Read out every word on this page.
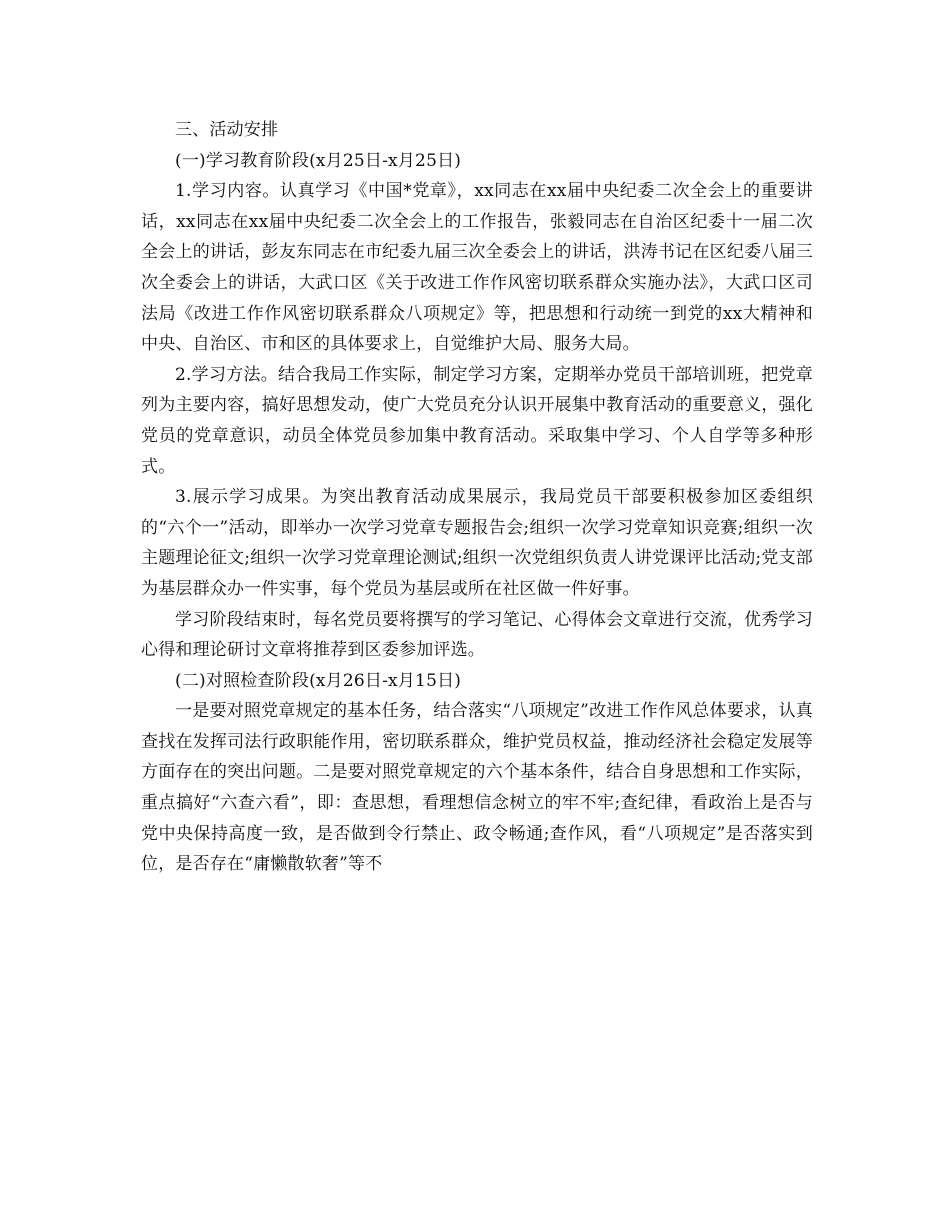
三、活动安排

(一)学习教育阶段(x月25日-x月25日)

1.学习内容。认真学习《中国*党章》，xx同志在xx届中央纪委二次全会上的重要讲话，xx同志在xx届中央纪委二次全会上的工作报告，张毅同志在自治区纪委十一届二次全会上的讲话，彭友东同志在市纪委九届三次全委会上的讲话，洪涛书记在区纪委八届三次全委会上的讲话，大武口区《关于改进工作作风密切联系群众实施办法》，大武口区司法局《改进工作作风密切联系群众八项规定》等，把思想和行动统一到党的xx大精神和中央、自治区、市和区的具体要求上，自觉维护大局、服务大局。

2.学习方法。结合我局工作实际，制定学习方案，定期举办党员干部培训班，把党章列为主要内容，搞好思想发动，使广大党员充分认识开展集中教育活动的重要意义，强化党员的党章意识，动员全体党员参加集中教育活动。采取集中学习、个人自学等多种形式。

3.展示学习成果。为突出教育活动成果展示，我局党员干部要积极参加区委组织的“六个一”活动，即举办一次学习党章专题报告会;组织一次学习党章知识竞赛;组织一次主题理论征文;组织一次学习党章理论测试;组织一次党组织负责人讲党课评比活动;党支部为基层群众办一件实事，每个党员为基层或所在社区做一件好事。

学习阶段结束时，每名党员要将撰写的学习笔记、心得体会文章进行交流，优秀学习心得和理论研讨文章将推荐到区委参加评选。

(二)对照检查阶段(x月26日-x月15日)

一是要对照党章规定的基本任务，结合落实“八项规定”改进工作作风总体要求，认真查找在发挥司法行政职能作用，密切联系群众，维护党员权益，推动经济社会稳定发展等方面存在的突出问题。二是要对照党章规定的六个基本条件，结合自身思想和工作实际，重点搞好“六查六看”，即：查思想，看理想信念树立的牢不牢;查纪律，看政治上是否与党中央保持高度一致，是否做到令行禁止、政令畅通;查作风，看“八项规定”是否落实到位，是否存在“庸懒散软奢”等不
